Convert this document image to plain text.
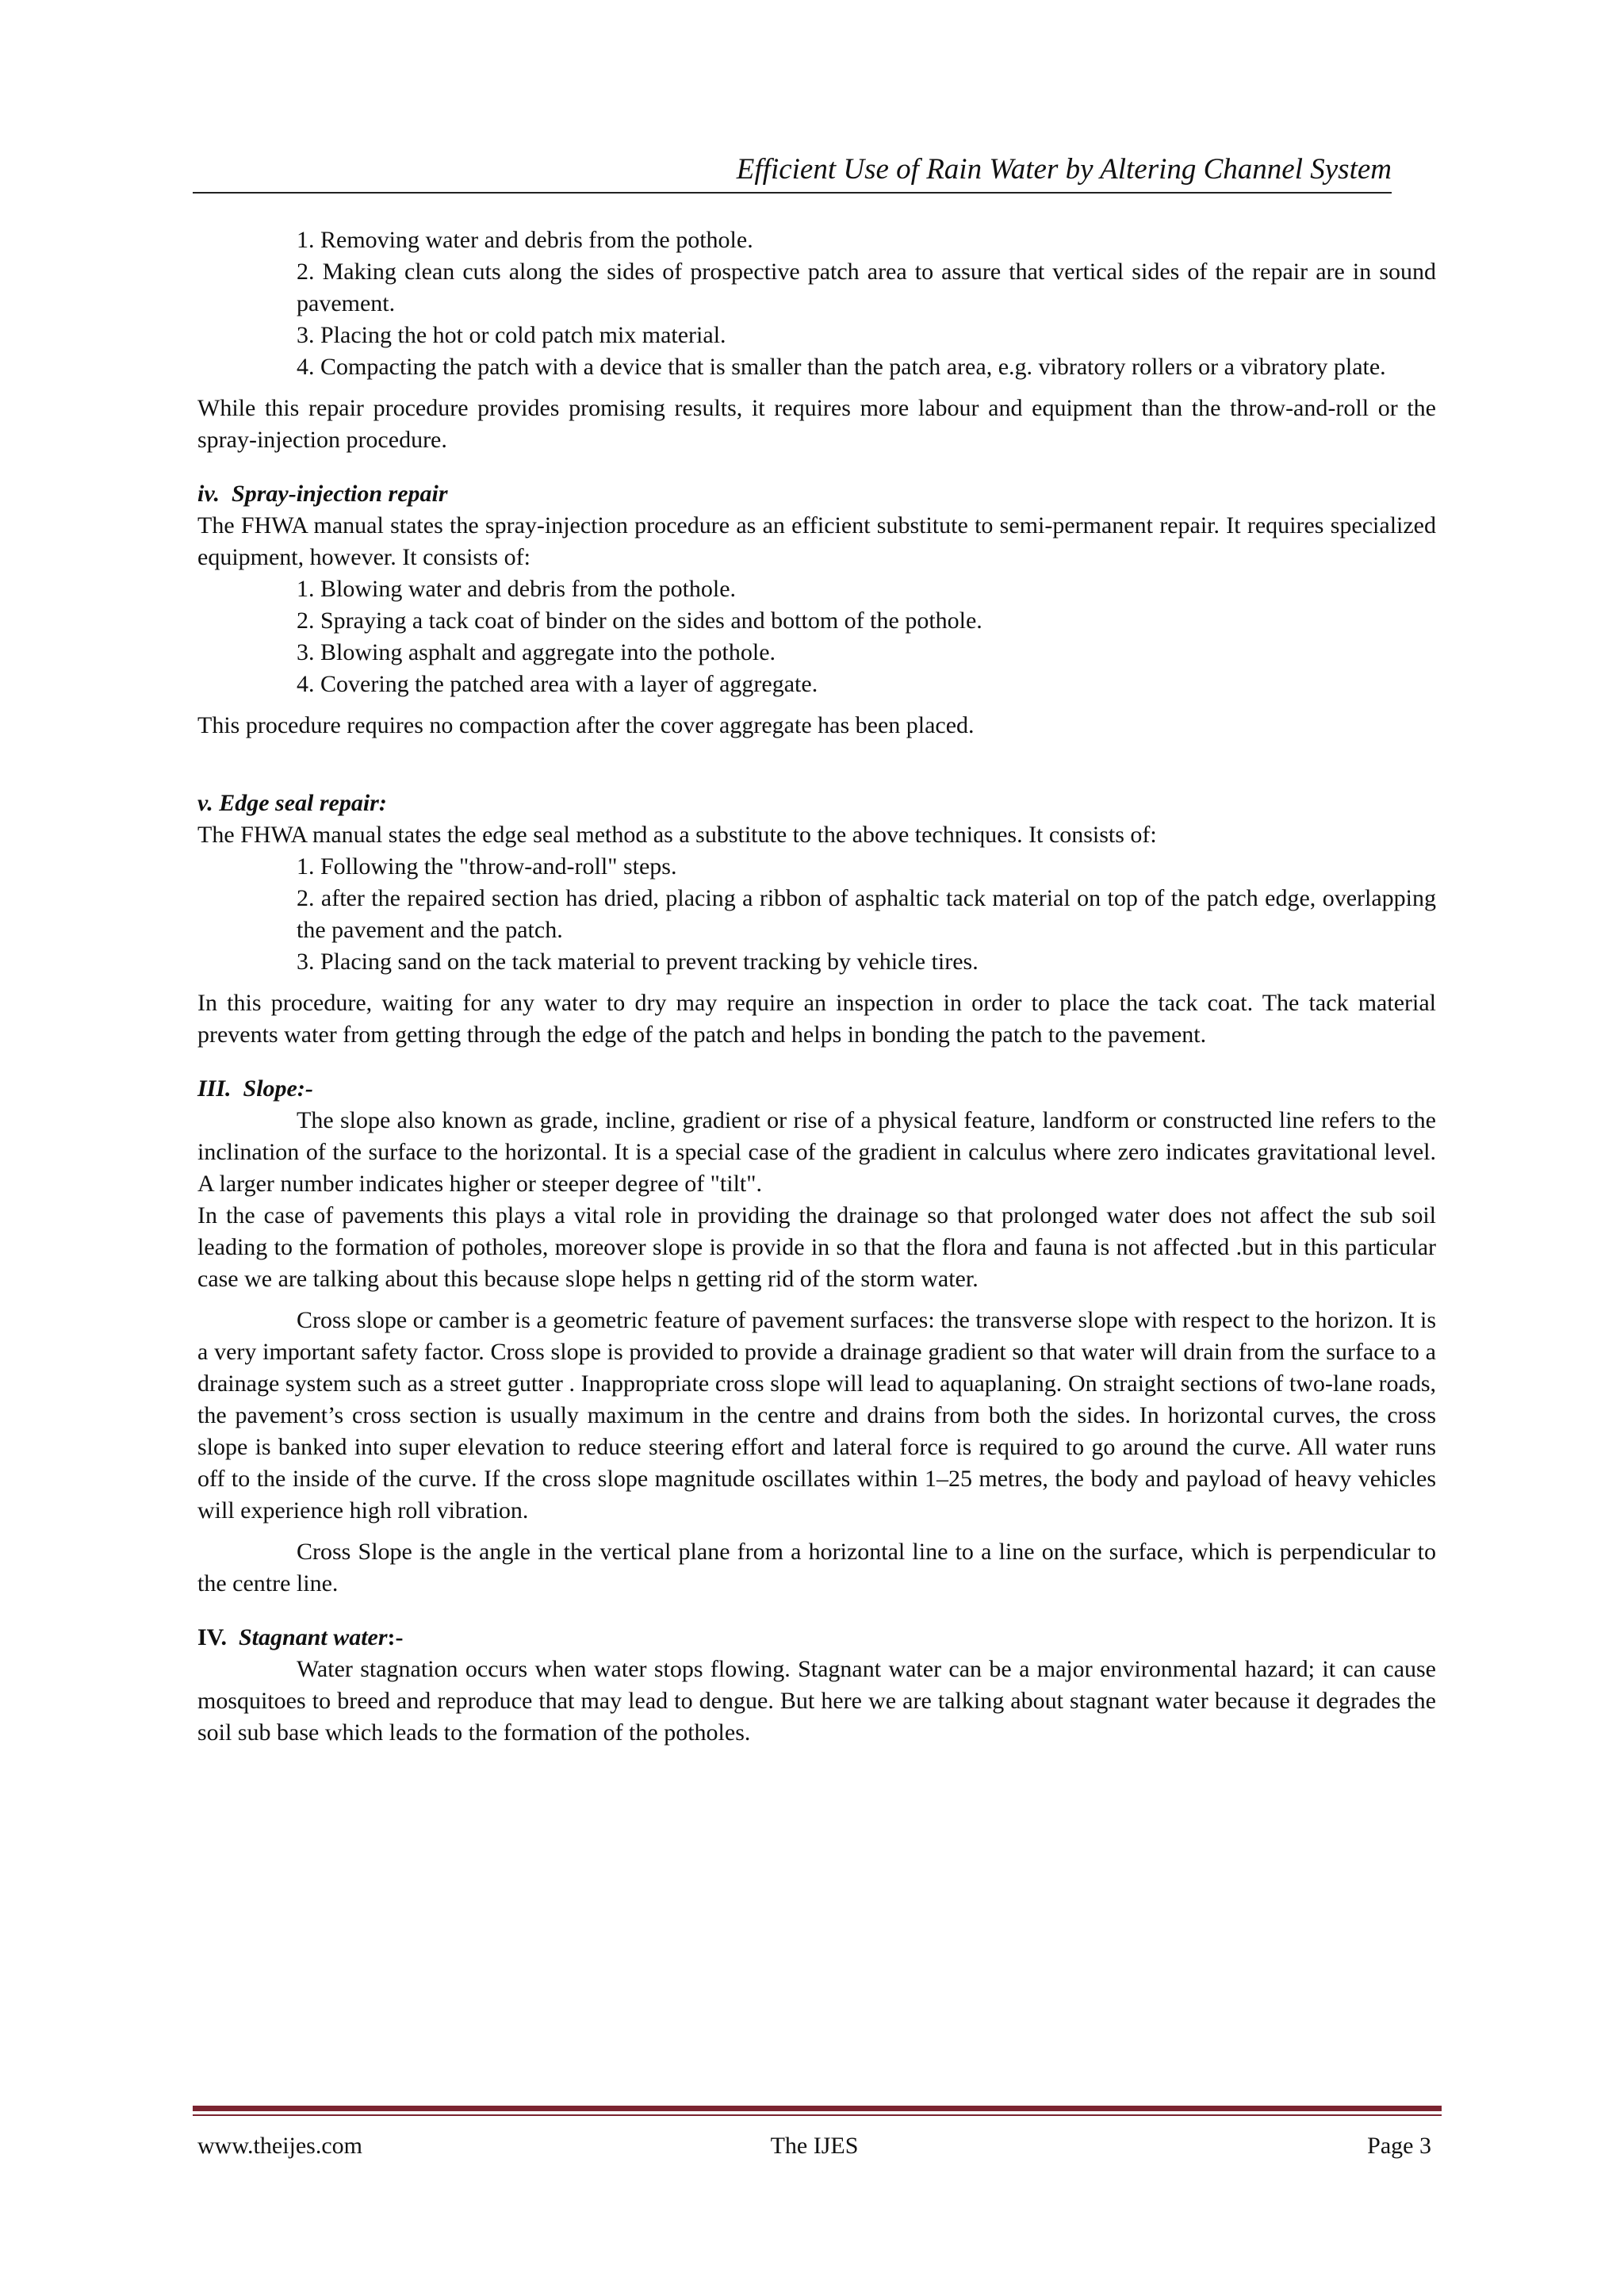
Efficient Use of Rain Water by Altering Channel System
1. Removing water and debris from the pothole.
2. Making clean cuts along the sides of prospective patch area to assure that vertical sides of the repair are in sound pavement.
3. Placing the hot or cold patch mix material.
4. Compacting the patch with a device that is smaller than the patch area, e.g. vibratory rollers or a vibratory plate.

While this repair procedure provides promising results, it requires more labour and equipment than the throw-and-roll or the spray-injection procedure.

iv. Spray-injection repair

The FHWA manual states the spray-injection procedure as an efficient substitute to semi-permanent repair. It requires specialized equipment, however. It consists of:

1. Blowing water and debris from the pothole.
2. Spraying a tack coat of binder on the sides and bottom of the pothole.
3. Blowing asphalt and aggregate into the pothole.
4. Covering the patched area with a layer of aggregate.

This procedure requires no compaction after the cover aggregate has been placed.

v. Edge seal repair:

The FHWA manual states the edge seal method as a substitute to the above techniques. It consists of:

1. Following the "throw-and-roll" steps.
2. after the repaired section has dried, placing a ribbon of asphaltic tack material on top of the patch edge, overlapping the pavement and the patch.
3. Placing sand on the tack material to prevent tracking by vehicle tires.

In this procedure, waiting for any water to dry may require an inspection in order to place the tack coat. The tack material prevents water from getting through the edge of the patch and helps in bonding the patch to the pavement.

III. Slope:-

The slope also known as grade, incline, gradient or rise of a physical feature, landform or constructed line refers to the inclination of the surface to the horizontal. It is a special case of the gradient in calculus where zero indicates gravitational level. A larger number indicates higher or steeper degree of "tilt".

In the case of pavements this plays a vital role in providing the drainage so that prolonged water does not affect the sub soil leading to the formation of potholes, moreover slope is provide in so that the flora and fauna is not affected .but in this particular case we are talking about this because slope helps n getting rid of the storm water.

Cross slope or camber is a geometric feature of pavement surfaces: the transverse slope with respect to the horizon. It is a very important safety factor. Cross slope is provided to provide a drainage gradient so that water will drain from the surface to a drainage system such as a street gutter . Inappropriate cross slope will lead to aquaplaning. On straight sections of two-lane roads, the pavement’s cross section is usually maximum in the centre and drains from both the sides. In horizontal curves, the cross slope is banked into super elevation to reduce steering effort and lateral force is required to go around the curve. All water runs off to the inside of the curve. If the cross slope magnitude oscillates within 1–25 metres, the body and payload of heavy vehicles will experience high roll vibration.

Cross Slope is the angle in the vertical plane from a horizontal line to a line on the surface, which is perpendicular to the centre line.

IV. Stagnant water:-

Water stagnation occurs when water stops flowing. Stagnant water can be a major environmental hazard; it can cause mosquitoes to breed and reproduce that may lead to dengue. But here we are talking about stagnant water because it degrades the soil sub base which leads to the formation of the potholes.

www.theijes.com	The IJES	Page 3
